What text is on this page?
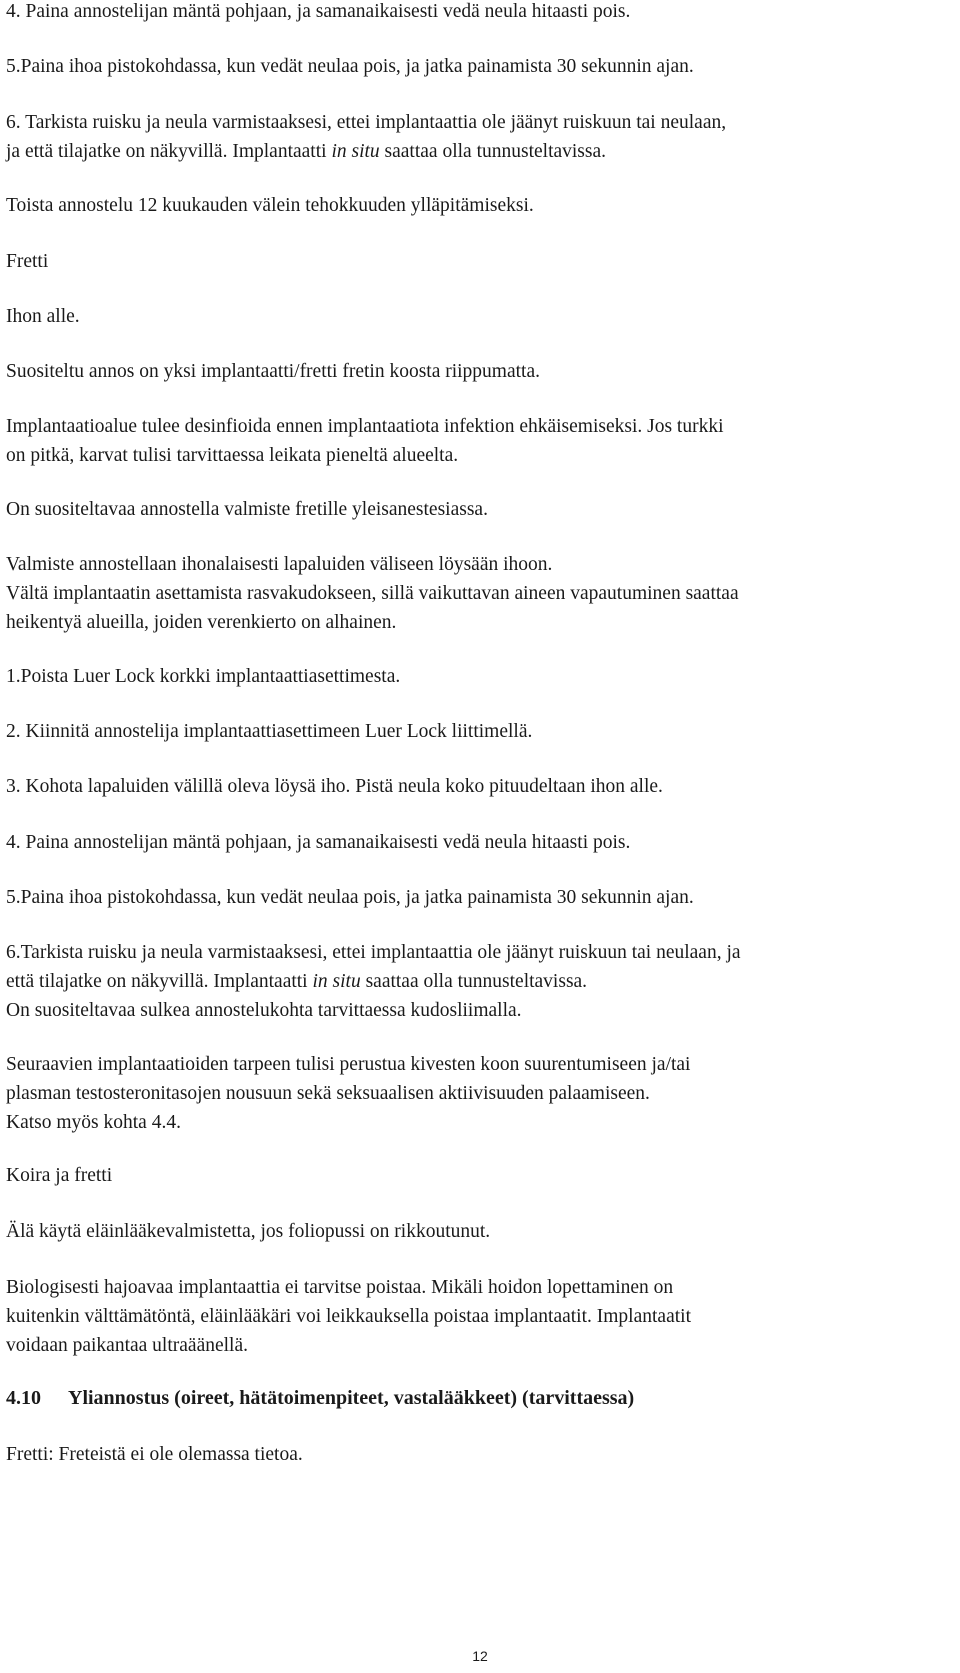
4. Paina annostelijan mäntä pohjaan, ja samanaikaisesti vedä neula hitaasti pois.

5.Paina ihoa pistokohdassa, kun vedät neulaa pois, ja jatka painamista 30 sekunnin ajan.

6. Tarkista ruisku ja neula varmistaaksesi, ettei implantaattia ole jäänyt ruiskuun tai neulaan,
ja että tilajatke on näkyvillä. Implantaatti in situ saattaa olla tunnusteltavissa.

Toista annostelu 12 kuukauden välein tehokkuuden ylläpitämiseksi.

Fretti

Ihon alle.

Suositeltu annos on yksi implantaatti/fretti fretin koosta riippumatta.

Implantaatioalue tulee desinfioida ennen implantaatiota infektion ehkäisemiseksi. Jos turkki
on pitkä, karvat tulisi tarvittaessa leikata pieneltä alueelta.

On suositeltavaa annostella valmiste fretille yleisanestesiassa.

Valmiste annostellaan ihonalaisesti lapaluiden väliseen löysään ihoon.
Vältä implantaatin asettamista rasvakudokseen, sillä vaikuttavan aineen vapautuminen saattaa
heikentyä alueilla, joiden verenkierto on alhainen.

1.Poista Luer Lock korkki implantaattiasettimesta.

2. Kiinnitä annostelija implantaattiasettimeen Luer Lock liittimellä.

3. Kohota lapaluiden välillä oleva löysä iho. Pistä neula koko pituudeltaan ihon alle.

4. Paina annostelijan mäntä pohjaan, ja samanaikaisesti vedä neula hitaasti pois.

5.Paina ihoa pistokohdassa, kun vedät neulaa pois, ja jatka painamista 30 sekunnin ajan.

6.Tarkista ruisku ja neula varmistaaksesi, ettei implantaattia ole jäänyt ruiskuun tai neulaan, ja
että tilajatke on näkyvillä. Implantaatti in situ saattaa olla tunnusteltavissa.
On suositeltavaa sulkea annostelukohta tarvittaessa kudosliimalla.

Seuraavien implantaatioiden tarpeen tulisi perustua kivesten koon suurentumiseen ja/tai
plasman testosteronitasojen nousuun sekä seksuaalisen aktiivisuuden palaamiseen.
Katso myös kohta 4.4.

Koira ja fretti

Älä käytä eläinlääkevalmistetta, jos foliopussi on rikkoutunut.

Biologisesti hajoavaa implantaattia ei tarvitse poistaa. Mikäli hoidon lopettaminen on
kuitenkin välttämätöntä, eläinlääkäri voi leikkauksella poistaa implantaatit. Implantaatit
voidaan paikantaa ultraäänellä.

4.10 Yliannostus (oireet, hätätoimenpiteet, vastalääkkeet) (tarvittaessa)

Fretti: Freteistä ei ole olemassa tietoa.

12
